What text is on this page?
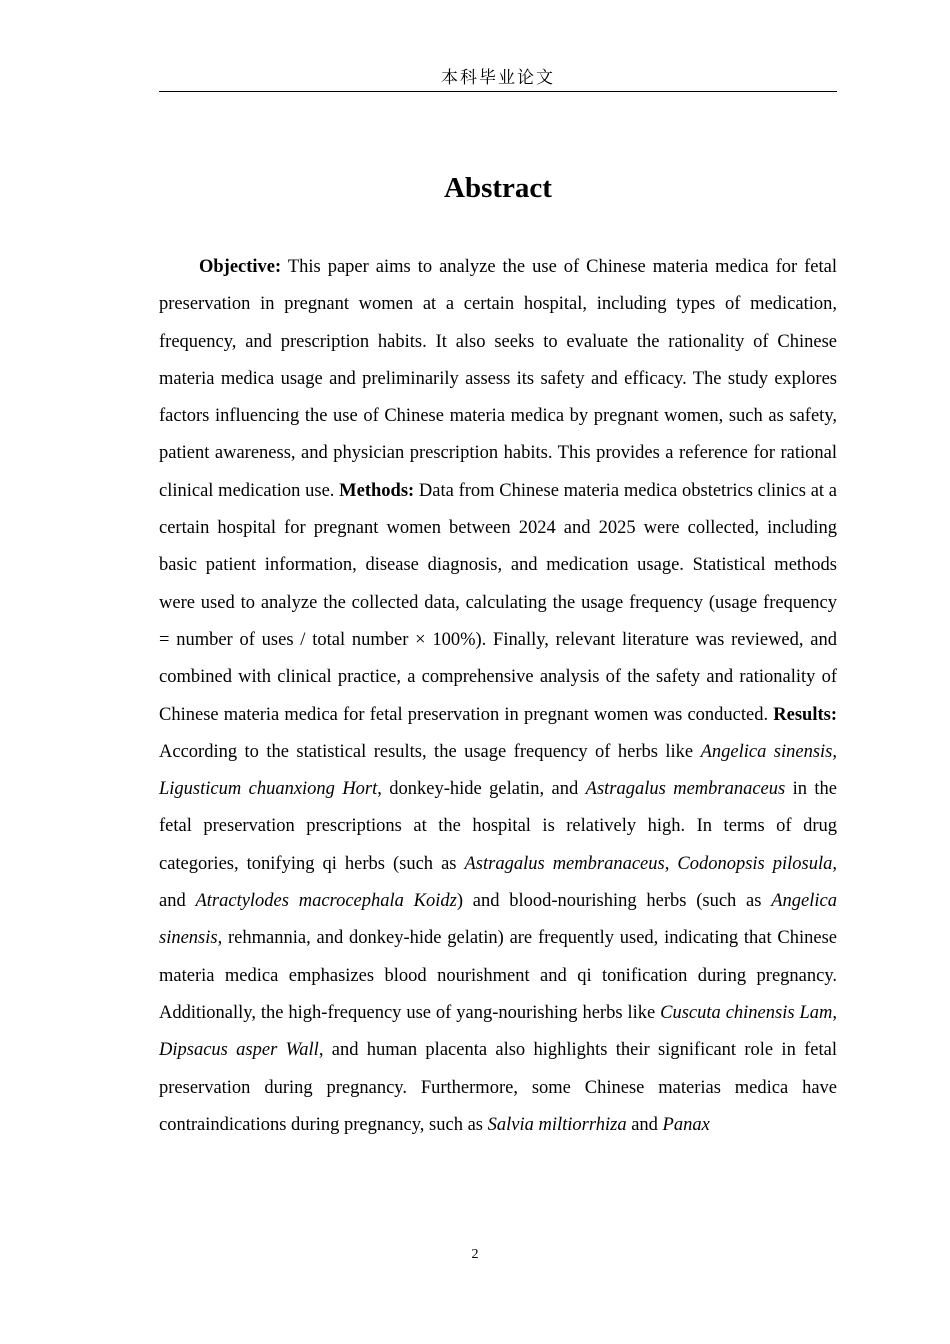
本科毕业论文
Abstract

Objective: This paper aims to analyze the use of Chinese materia medica for fetal preservation in pregnant women at a certain hospital, including types of medication, frequency, and prescription habits. It also seeks to evaluate the rationality of Chinese materia medica usage and preliminarily assess its safety and efficacy. The study explores factors influencing the use of Chinese materia medica by pregnant women, such as safety, patient awareness, and physician prescription habits. This provides a reference for rational clinical medication use. Methods: Data from Chinese materia medica obstetrics clinics at a certain hospital for pregnant women between 2024 and 2025 were collected, including basic patient information, disease diagnosis, and medication usage. Statistical methods were used to analyze the collected data, calculating the usage frequency (usage frequency = number of uses / total number × 100%). Finally, relevant literature was reviewed, and combined with clinical practice, a comprehensive analysis of the safety and rationality of Chinese materia medica for fetal preservation in pregnant women was conducted. Results: According to the statistical results, the usage frequency of herbs like Angelica sinensis, Ligusticum chuanxiong Hort, donkey-hide gelatin, and Astragalus membranaceus in the fetal preservation prescriptions at the hospital is relatively high. In terms of drug categories, tonifying qi herbs (such as Astragalus membranaceus, Codonopsis pilosula, and Atractylodes macrocephala Koidz) and blood-nourishing herbs (such as Angelica sinensis, rehmannia, and donkey-hide gelatin) are frequently used, indicating that Chinese materia medica emphasizes blood nourishment and qi tonification during pregnancy. Additionally, the high-frequency use of yang-nourishing herbs like Cuscuta chinensis Lam, Dipsacus asper Wall, and human placenta also highlights their significant role in fetal preservation during pregnancy. Furthermore, some Chinese materias medica have contraindications during pregnancy, such as Salvia miltiorrhiza and Panax

2
